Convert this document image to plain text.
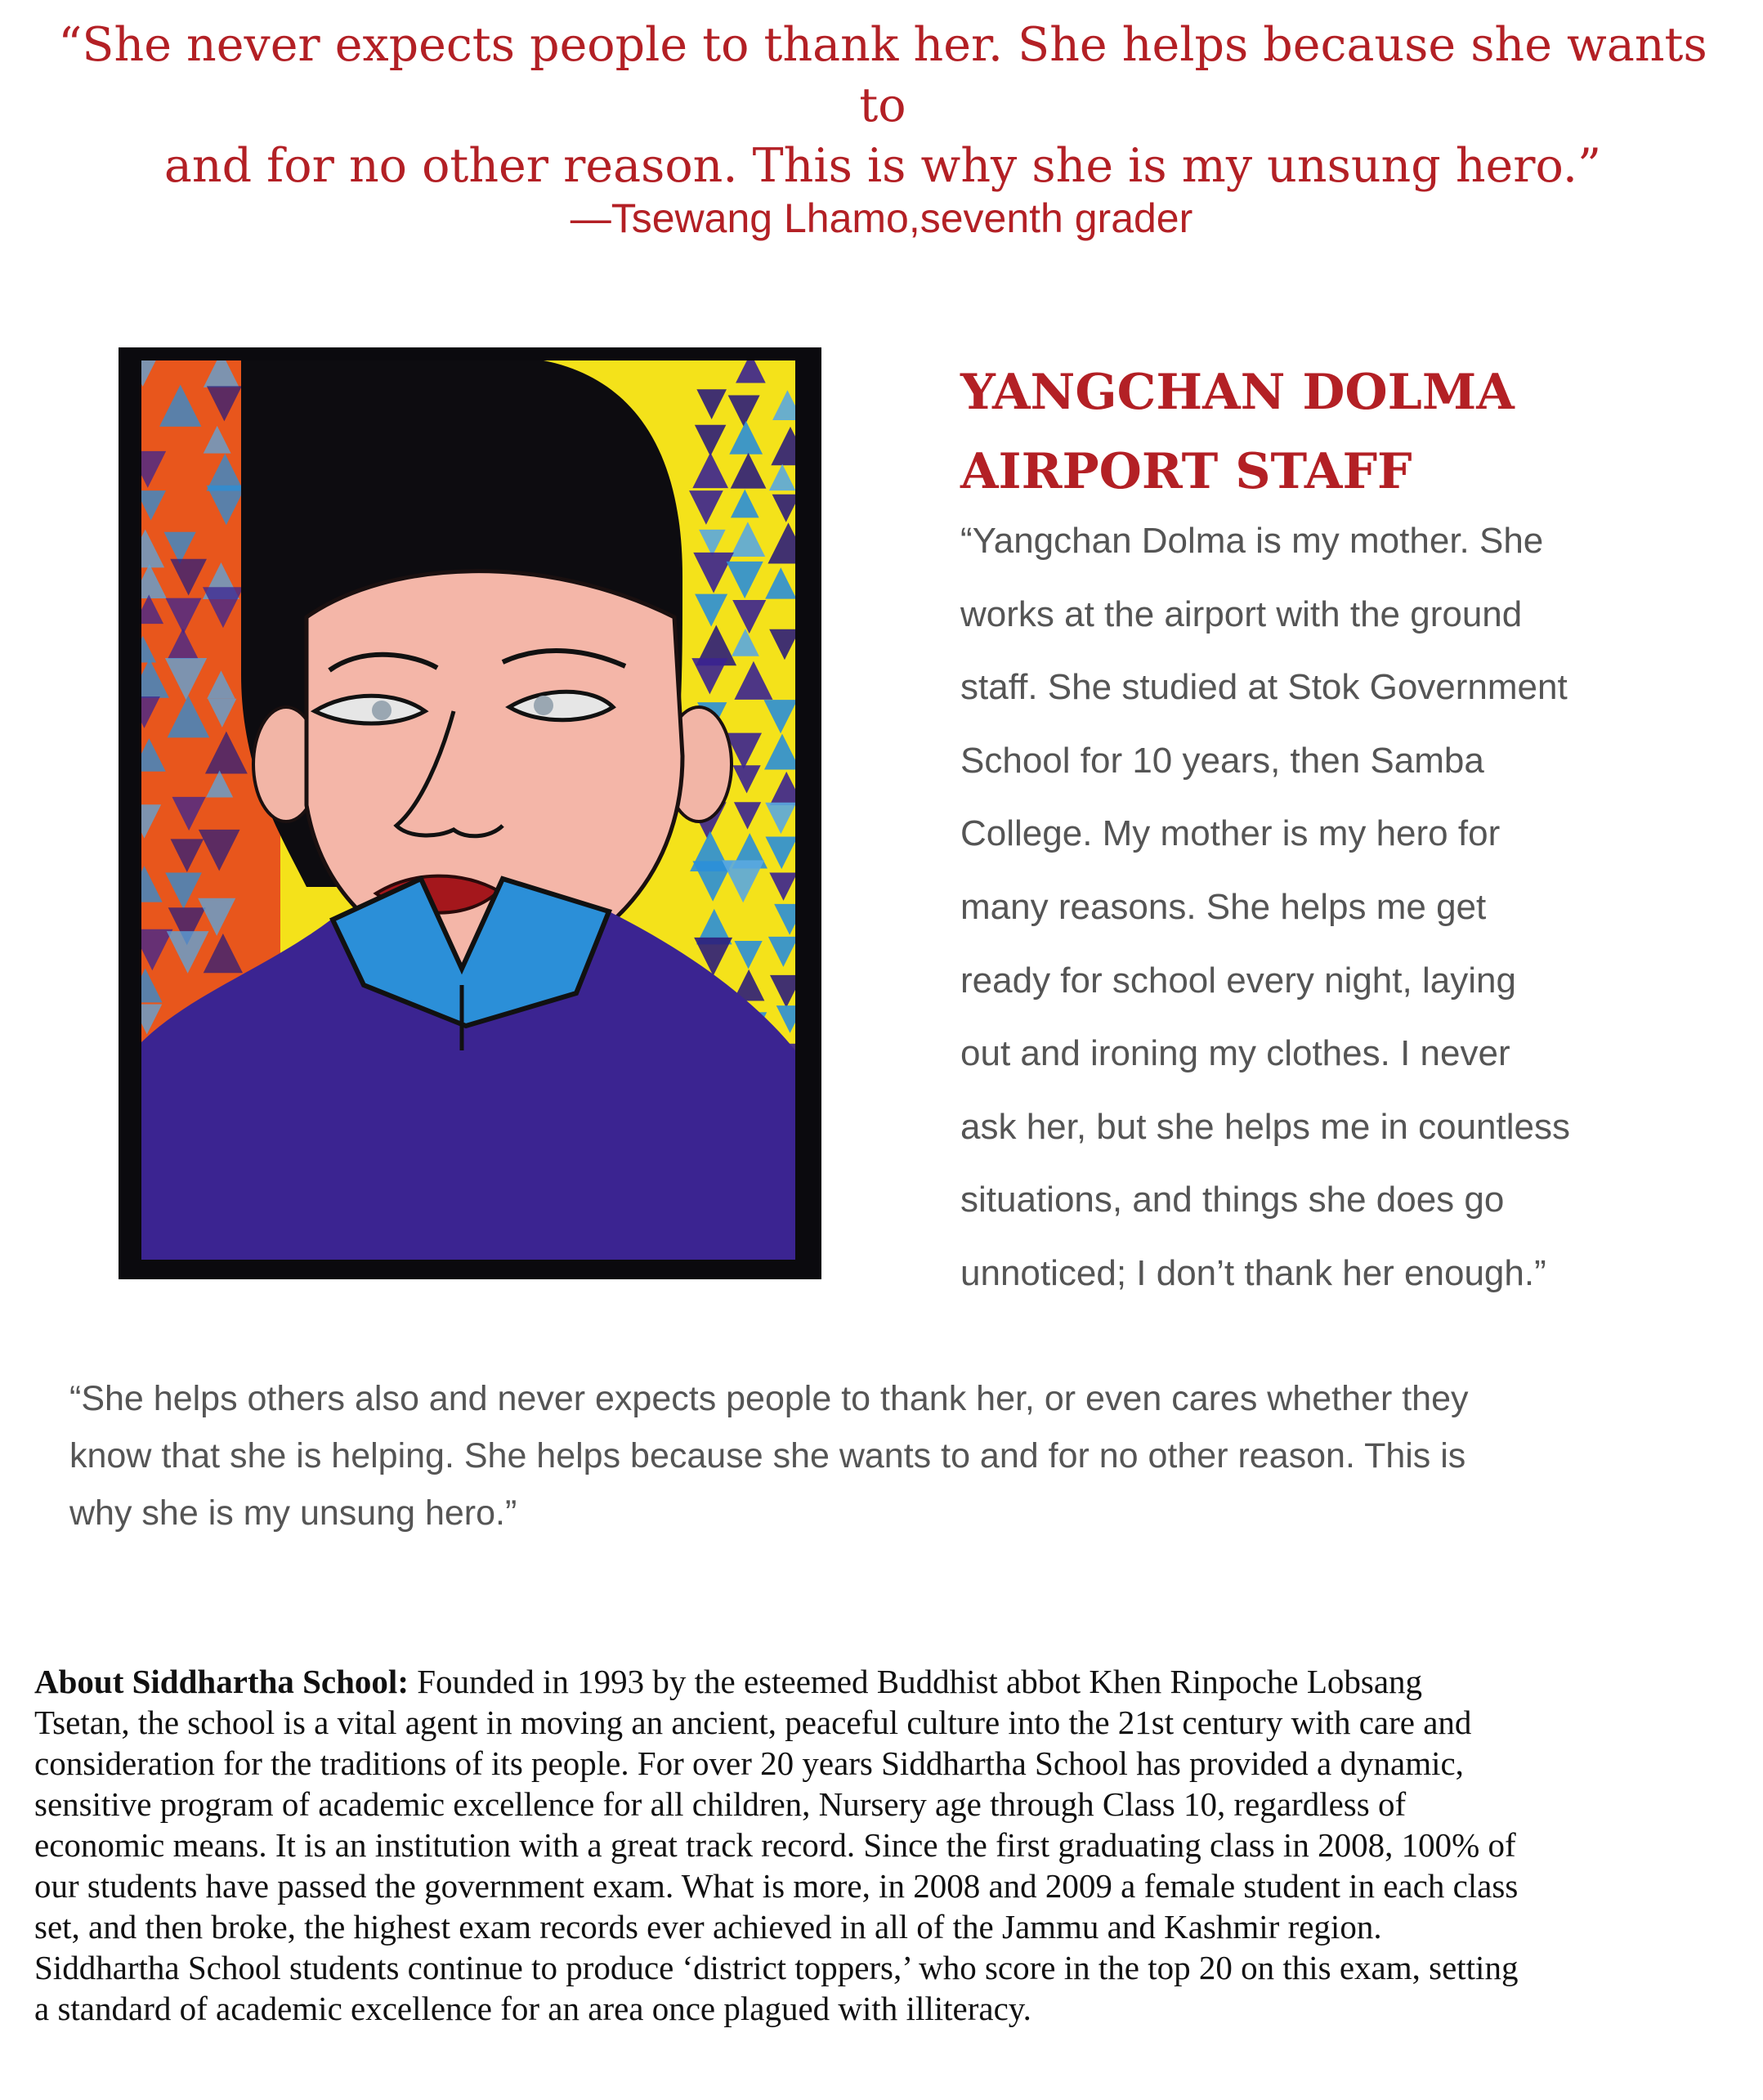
“She never expects people to thank her. She helps because she wants to
and for no other reason. This is why she is my unsung hero.”

—Tsewang Lhamo,seventh grader

YANGCHAN DOLMA
AIRPORT STAFF

“Yangchan Dolma is my mother. She
works at the airport with the ground
staff. She studied at Stok Government
School for 10 years, then Samba
College. My mother is my hero for
many reasons. She helps me get
ready for school every night, laying
out and ironing my clothes. I never
ask her, but she helps me in countless
situations, and things she does go
unnoticed; I don’t thank her enough.”

“She helps others also and never expects people to thank her, or even cares whether they
know that she is helping. She helps because she wants to and for no other reason. This is
why she is my unsung hero.”

About Siddhartha School: Founded in 1993 by the esteemed Buddhist abbot Khen Rinpoche Lobsang
Tsetan, the school is a vital agent in moving an ancient, peaceful culture into the 21st century with care and
consideration for the traditions of its people. For over 20 years Siddhartha School has provided a dynamic,
sensitive program of academic excellence for all children, Nursery age through Class 10, regardless of
economic means. It is an institution with a great track record. Since the first graduating class in 2008, 100% of
our students have passed the government exam. What is more, in 2008 and 2009 a female student in each class
set, and then broke, the highest exam records ever achieved in all of the Jammu and Kashmir region.
Siddhartha School students continue to produce ‘district toppers,’ who score in the top 20 on this exam, setting
a standard of academic excellence for an area once plagued with illiteracy.
